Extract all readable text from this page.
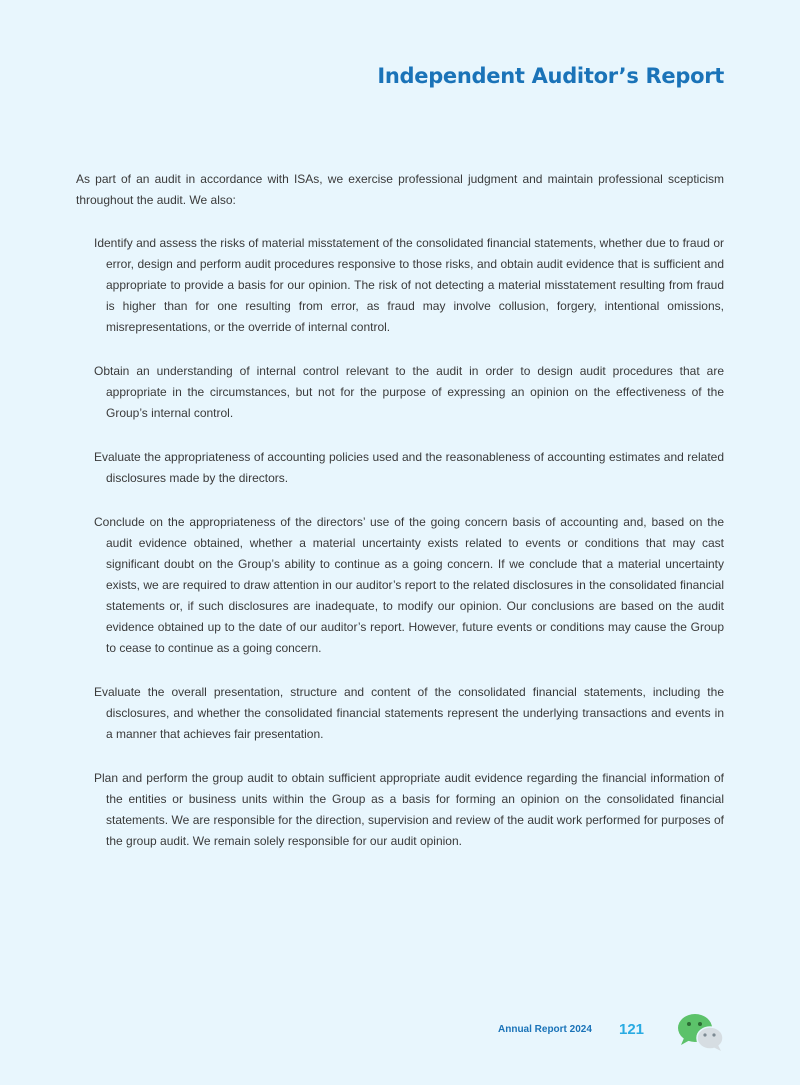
Independent Auditor’s Report
As part of an audit in accordance with ISAs, we exercise professional judgment and maintain professional scepticism throughout the audit. We also:
Identify and assess the risks of material misstatement of the consolidated financial statements, whether due to fraud or error, design and perform audit procedures responsive to those risks, and obtain audit evidence that is sufficient and appropriate to provide a basis for our opinion. The risk of not detecting a material misstatement resulting from fraud is higher than for one resulting from error, as fraud may involve collusion, forgery, intentional omissions, misrepresentations, or the override of internal control.
Obtain an understanding of internal control relevant to the audit in order to design audit procedures that are appropriate in the circumstances, but not for the purpose of expressing an opinion on the effectiveness of the Group’s internal control.
Evaluate the appropriateness of accounting policies used and the reasonableness of accounting estimates and related disclosures made by the directors.
Conclude on the appropriateness of the directors’ use of the going concern basis of accounting and, based on the audit evidence obtained, whether a material uncertainty exists related to events or conditions that may cast significant doubt on the Group’s ability to continue as a going concern. If we conclude that a material uncertainty exists, we are required to draw attention in our auditor’s report to the related disclosures in the consolidated financial statements or, if such disclosures are inadequate, to modify our opinion. Our conclusions are based on the audit evidence obtained up to the date of our auditor’s report. However, future events or conditions may cause the Group to cease to continue as a going concern.
Evaluate the overall presentation, structure and content of the consolidated financial statements, including the disclosures, and whether the consolidated financial statements represent the underlying transactions and events in a manner that achieves fair presentation.
Plan and perform the group audit to obtain sufficient appropriate audit evidence regarding the financial information of the entities or business units within the Group as a basis for forming an opinion on the consolidated financial statements. We are responsible for the direction, supervision and review of the audit work performed for purposes of the group audit. We remain solely responsible for our audit opinion.
Annual Report 2024 121
